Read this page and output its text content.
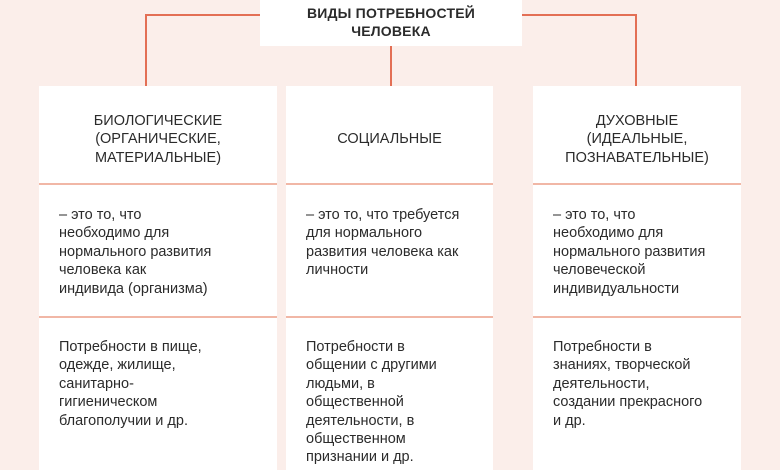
ВИДЫ ПОТРЕБНОСТЕЙ

ЧЕЛОВЕКА

БИОЛОГИЧЕСКИЕ

(ОРГАНИЧЕСКИЕ,

МАТЕРИАЛЬНЫЕ)

– это то, что

необходимо для

нормального развития

человека как

индивида (организма)

Потребности в пище,

одежде, жилище,

санитарно-

гигиеническом

благополучии и др.

СОЦИАЛЬНЫЕ

– это то, что требуется

для нормального

развития человека как

личности

Потребности в

общении с другими

людьми, в

общественной

деятельности, в

общественном

признании и др.

ДУХОВНЫЕ

(ИДЕАЛЬНЫЕ,

ПОЗНАВАТЕЛЬНЫЕ)

– это то, что

необходимо для

нормального развития

человеческой

индивидуальности

Потребности в

знаниях, творческой

деятельности,

создании прекрасного

и др.
